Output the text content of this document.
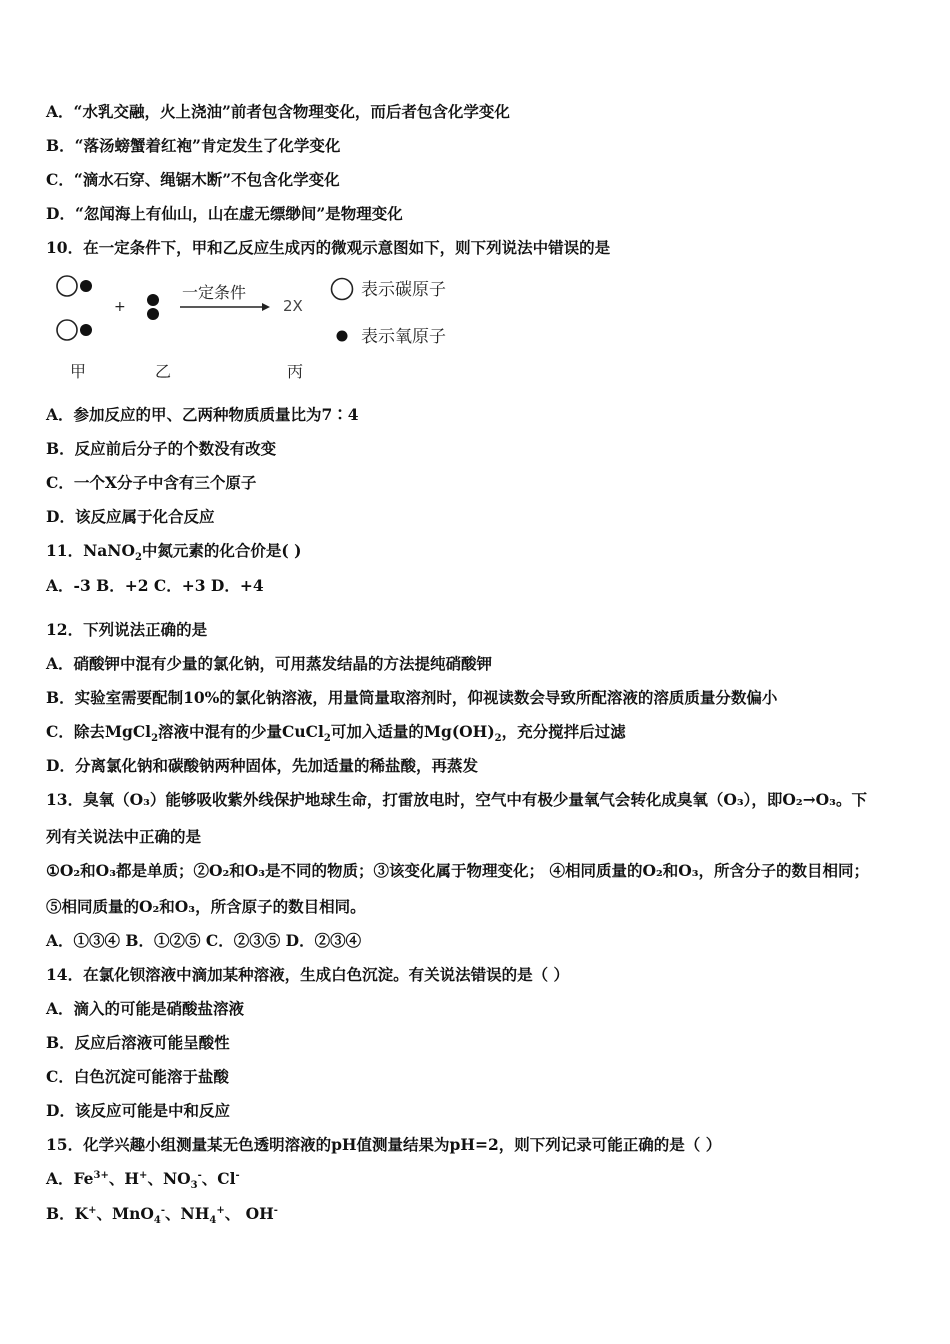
A．“水乳交融，火上浇油”前者包含物理变化，而后者包含化学变化
B．“落汤螃蟹着红袍”肯定发生了化学变化
C．“滴水石穿、绳锯木断”不包含化学变化
D．“忽闻海上有仙山，山在虚无缥缈间”是物理变化
10．在一定条件下，甲和乙反应生成丙的微观示意图如下，则下列说法中错误的是
+
一定条件
2X
表示碳原子
表示氧原子
甲	乙	丙
A．参加反应的甲、乙两种物质质量比为7∶4
B．反应前后分子的个数没有改变
C．一个X分子中含有三个原子
D．该反应属于化合反应
11．NaNO$_2$中氮元素的化合价是( )
A．-3 B．+2 C．+3 D．+4
12．下列说法正确的是
A．硝酸钾中混有少量的氯化钠，可用蒸发结晶的方法提纯硝酸钾
B．实验室需要配制10%的氯化钠溶液，用量筒量取溶剂时，仰视读数会导致所配溶液的溶质质量分数偏小
C．除去MgCl$_2$溶液中混有的少量CuCl$_2$可加入适量的$Mg(OH)_2$，充分搅拌后过滤
D．分离氯化钠和碳酸钠两种固体，先加适量的稀盐酸，再蒸发
13．臭氧（O₃）能够吸收紫外线保护地球生命，打雷放电时，空气中有极少量氧气会转化成臭氧（O₃），即O₂→O₃。下
列有关说法中正确的是
①O₂和O₃都是单质；②O₂和O₃是不同的物质；③该变化属于物理变化； ④相同质量的O₂和O₃，所含分子的数目相同；
⑤相同质量的O₂和O₃，所含原子的数目相同。
A．①③④ B．①②⑤ C．②③⑤ D．②③④
14．在氯化钡溶液中滴加某种溶液，生成白色沉淀。有关说法错误的是（ ）
A．滴入的可能是硝酸盐溶液
B．反应后溶液可能呈酸性
C．白色沉淀可能溶于盐酸
D．该反应可能是中和反应
15．化学兴趣小组测量某无色透明溶液的pH值测量结果为pH=2，则下列记录可能正确的是（ ）
A．$Fe^{3+}$、H+、$NO_3^-$、Cl-
B．K+、MnO$_4$-、$NH_4^+$、 OH-
